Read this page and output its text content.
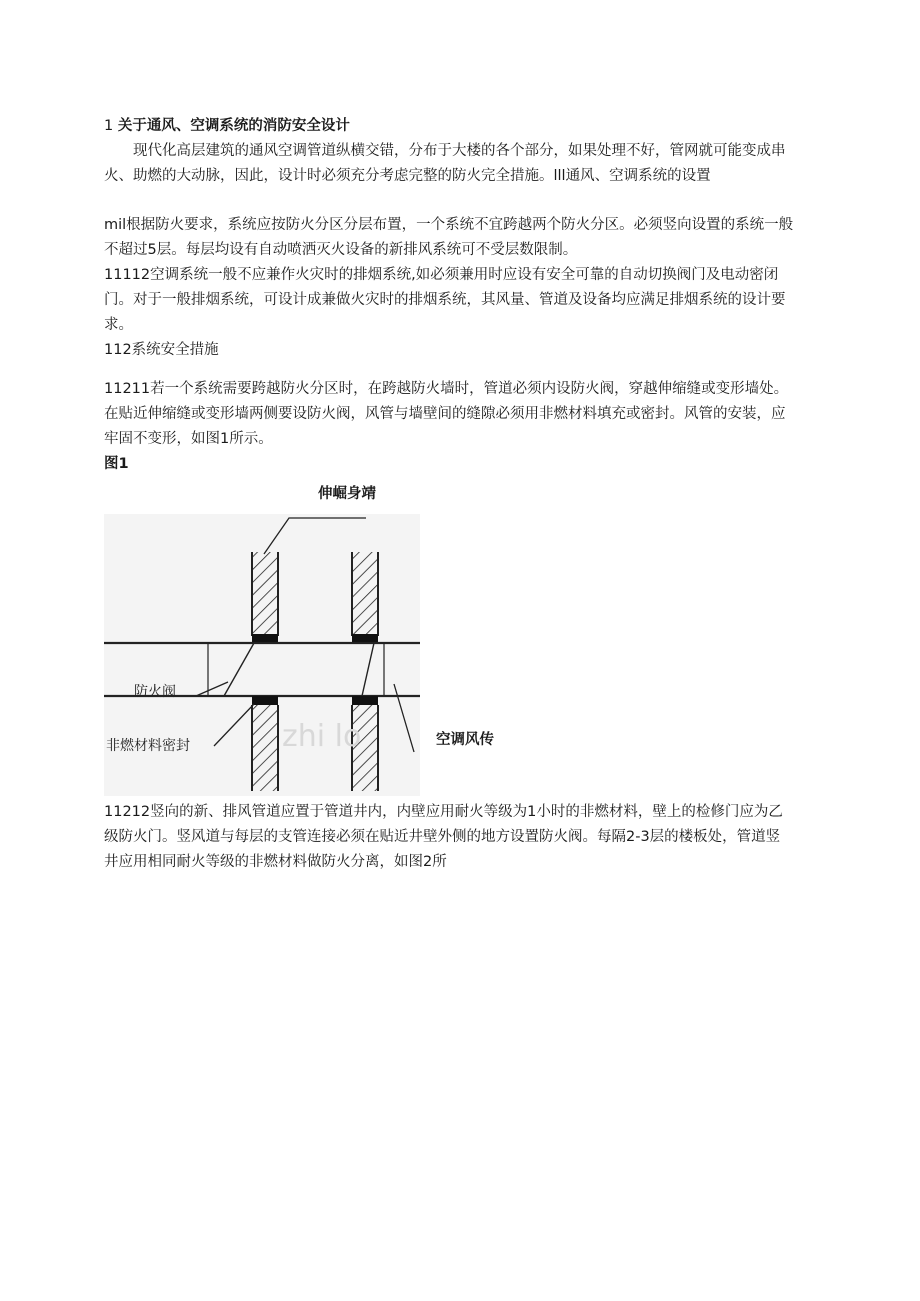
1 关于通风、空调系统的消防安全设计

现代化高层建筑的通风空调管道纵横交错，分布于大楼的各个部分，如果处理不好，管网就可能变成串火、助燃的大动脉，因此，设计时必须充分考虑完整的防火完全措施。lll通风、空调系统的设置

mil根据防火要求，系统应按防火分区分层布置，一个系统不宜跨越两个防火分区。必须竖向设置的系统一般不超过5层。每层均设有自动喷洒灭火设备的新排风系统可不受层数限制。

11112空调系统一般不应兼作火灾时的排烟系统,如必须兼用时应设有安全可靠的自动切换阀门及电动密闭门。对于一般排烟系统，可设计成兼做火灾时的排烟系统，其风量、管道及设备均应满足排烟系统的设计要求。

112系统安全措施

11211若一个系统需要跨越防火分区时，在跨越防火墙时，管道必须内设防火阀，穿越伸缩缝或变形墙处。在贴近伸缩缝或变形墙两侧要设防火阀，风管与墙壁间的缝隙必须用非燃材料填充或密封。风管的安装，应牢固不变形，如图1所示。

图1

伸崛身靖

防火阀
非燃材料密封	zhi lo	空调风传

11212竖向的新、排风管道应置于管道井内，内壁应用耐火等级为1小时的非燃材料，壁上的检修门应为乙级防火门。竖风道与每层的支管连接必须在贴近井壁外侧的地方设置防火阀。每隔2-3层的楼板处，管道竖井应用相同耐火等级的非燃材料做防火分离，如图2所
